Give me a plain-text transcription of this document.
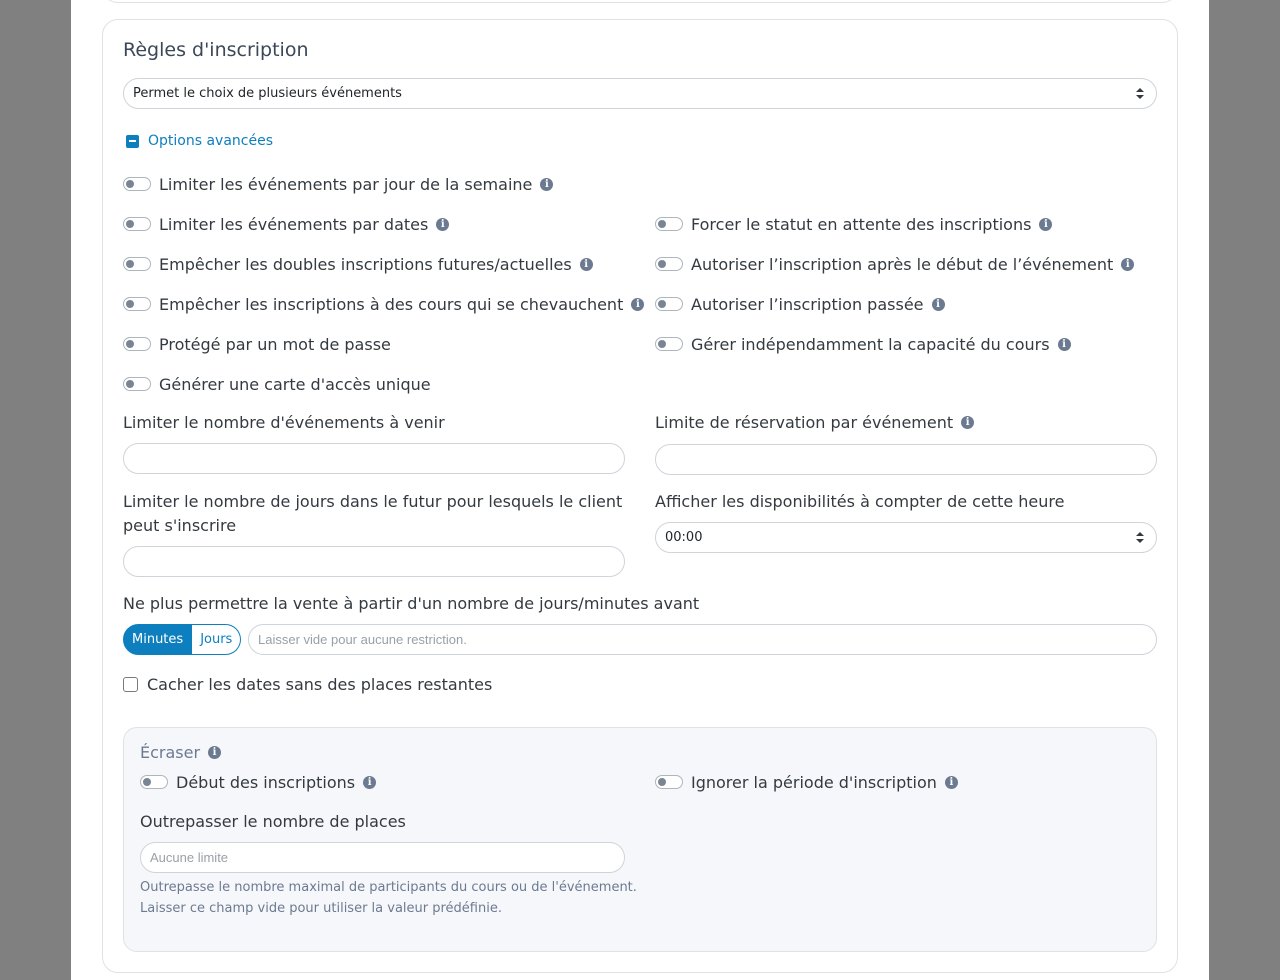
Règles d'inscription
Permet le choix de plusieurs événements
Options avancées
Limiter les événements par jour de la semaine	i
Limiter les événements par dates	i
Empêcher les doubles inscriptions futures/actuelles	i
Empêcher les inscriptions à des cours qui se chevauchent	i
Protégé par un mot de passe
Générer une carte d'accès unique
Forcer le statut en attente des inscriptions	i
Autoriser l’inscription après le début de l’événement	i
Autoriser l’inscription passée	i
Gérer indépendamment la capacité du cours	i
Limiter le nombre d'événements à venir	Limite de réservation par événement	i
Limiter le nombre de jours dans le futur pour lesquels le client peut s'inscrire
Afficher les disponibilités à compter de cette heure
00:00
Ne plus permettre la vente à partir d'un nombre de jours/minutes avant
Minutes	Jours
Laisser vide pour aucune restriction.
Cacher les dates sans des places restantes
Écraser	i
Début des inscriptions	i	Ignorer la période d'inscription	i
Outrepasser le nombre de places
Aucune limite
Outrepasse le nombre maximal de participants du cours ou de l'événement.
Laisser ce champ vide pour utiliser la valeur prédéfinie.
